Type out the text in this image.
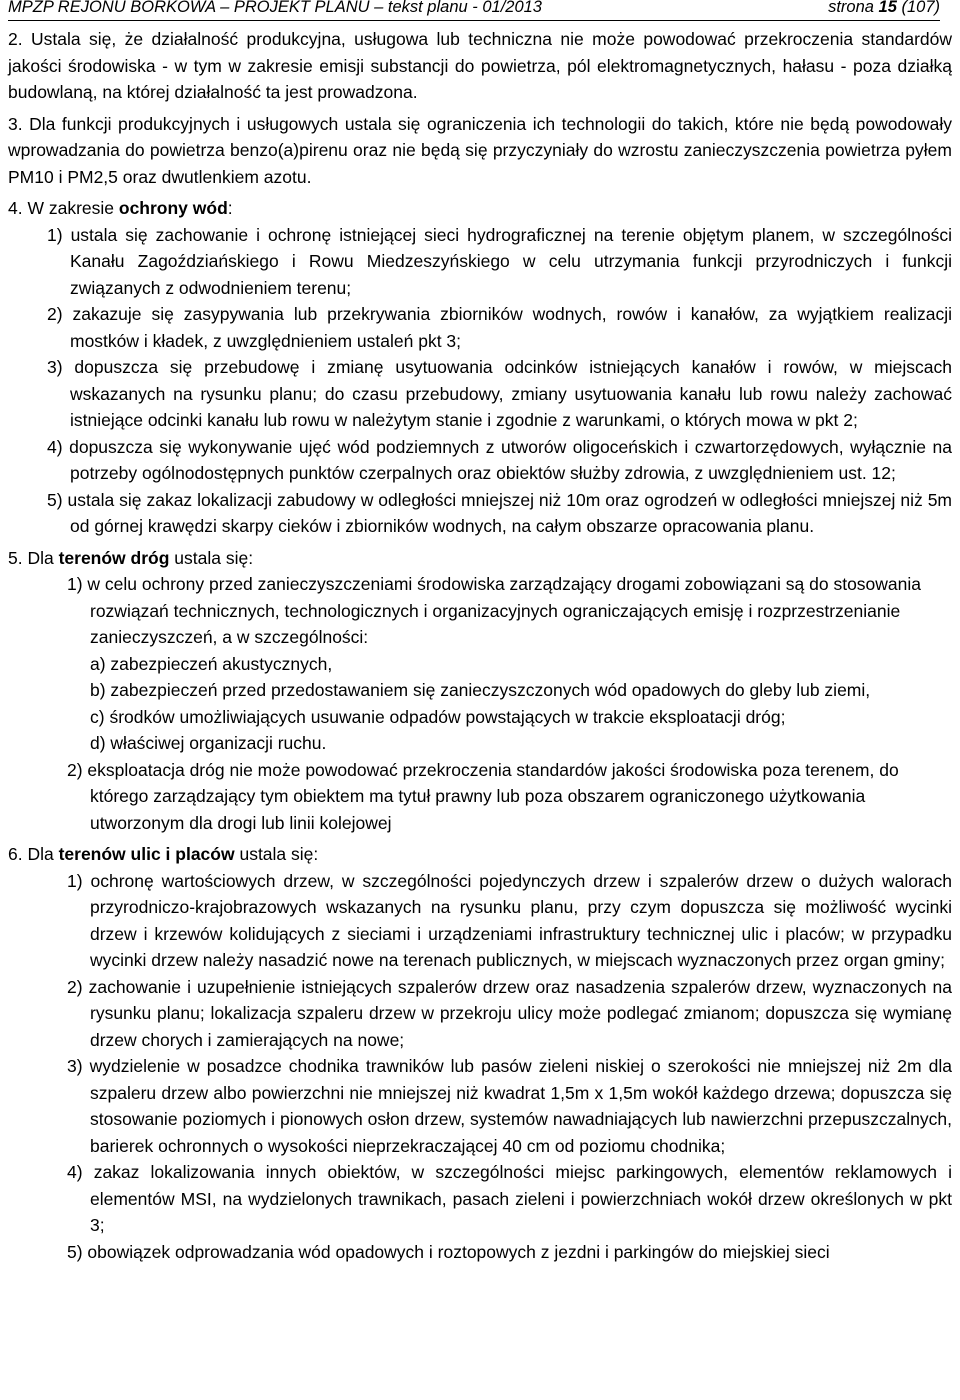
MPZP REJONU BORKOWA – PROJEKT PLANU – tekst planu - 01/2013	strona 15 (107)

2. Ustala się, że działalność produkcyjna, usługowa lub techniczna nie może powodować przekroczenia standardów jakości środowiska - w tym w zakresie emisji substancji do powietrza, pól elektromagnetycznych, hałasu - poza działką budowlaną, na której działalność ta jest prowadzona.

3. Dla funkcji produkcyjnych i usługowych ustala się ograniczenia ich technologii do takich, które nie będą powodowały wprowadzania do powietrza benzo(a)pirenu oraz nie będą się przyczyniały do wzrostu zanieczyszczenia powietrza pyłem PM10 i PM2,5 oraz dwutlenkiem azotu.

4. W zakresie ochrony wód:

1) ustala się zachowanie i ochronę istniejącej sieci hydrograficznej na terenie objętym planem, w szczególności Kanału Zagoździańskiego i Rowu Miedzeszyńskiego w celu utrzymania funkcji przyrodniczych i funkcji związanych z odwodnieniem terenu;

2) zakazuje się zasypywania lub przekrywania zbiorników wodnych, rowów i kanałów, za wyjątkiem realizacji mostków i kładek, z uwzględnieniem ustaleń pkt 3;

3) dopuszcza się przebudowę i zmianę usytuowania odcinków istniejących kanałów i rowów, w miejscach wskazanych na rysunku planu; do czasu przebudowy, zmiany usytuowania kanału lub rowu należy zachować istniejące odcinki kanału lub rowu w należytym stanie i zgodnie z warunkami, o których mowa w pkt 2;

4) dopuszcza się wykonywanie ujęć wód podziemnych z utworów oligoceńskich i czwartorzędowych, wyłącznie na potrzeby ogólnodostępnych punktów czerpalnych oraz obiektów służby zdrowia, z uwzględnieniem ust. 12;

5) ustala się zakaz lokalizacji zabudowy w odległości mniejszej niż 10m oraz ogrodzeń w odległości mniejszej niż 5m od górnej krawędzi skarpy cieków i zbiorników wodnych, na całym obszarze opracowania planu.

5. Dla terenów dróg ustala się:

1) w celu ochrony przed zanieczyszczeniami środowiska zarządzający drogami zobowiązani są do stosowania rozwiązań technicznych, technologicznych i organizacyjnych ograniczających emisję i rozprzestrzenianie zanieczyszczeń, a w szczególności:

a) zabezpieczeń akustycznych,

b) zabezpieczeń przed przedostawaniem się zanieczyszczonych wód opadowych do gleby lub ziemi,

c) środków umożliwiających usuwanie odpadów powstających w trakcie eksploatacji dróg;

d) właściwej organizacji ruchu.

2) eksploatacja dróg nie może powodować przekroczenia standardów jakości środowiska poza terenem, do którego zarządzający tym obiektem ma tytuł prawny lub poza obszarem ograniczonego użytkowania utworzonym dla drogi lub linii kolejowej

6. Dla terenów ulic i placów ustala się:

1) ochronę wartościowych drzew, w szczególności pojedynczych drzew i szpalerów drzew o dużych walorach przyrodniczo-krajobrazowych wskazanych na rysunku planu, przy czym dopuszcza się możliwość wycinki drzew i krzewów kolidujących z sieciami i urządzeniami infrastruktury technicznej ulic i placów; w przypadku wycinki drzew należy nasadzić nowe na terenach publicznych, w miejscach wyznaczonych przez organ gminy;

2) zachowanie i uzupełnienie istniejących szpalerów drzew oraz nasadzenia szpalerów drzew, wyznaczonych na rysunku planu; lokalizacja szpaleru drzew w przekroju ulicy może podlegać zmianom; dopuszcza się wymianę drzew chorych i zamierających na nowe;

3) wydzielenie w posadzce chodnika trawników lub pasów zieleni niskiej o szerokości nie mniejszej niż 2m dla szpaleru drzew albo powierzchni nie mniejszej niż kwadrat 1,5m x 1,5m wokół każdego drzewa; dopuszcza się stosowanie poziomych i pionowych osłon drzew, systemów nawadniających lub nawierzchni przepuszczalnych, barierek ochronnych o wysokości nieprzekraczającej 40 cm od poziomu chodnika;

4) zakaz lokalizowania innych obiektów, w szczególności miejsc parkingowych, elementów reklamowych i elementów MSI, na wydzielonych trawnikach, pasach zieleni i powierzchniach wokół drzew określonych w pkt 3;

5) obowiązek odprowadzania wód opadowych i roztopowych z jezdni i parkingów do miejskiej sieci
